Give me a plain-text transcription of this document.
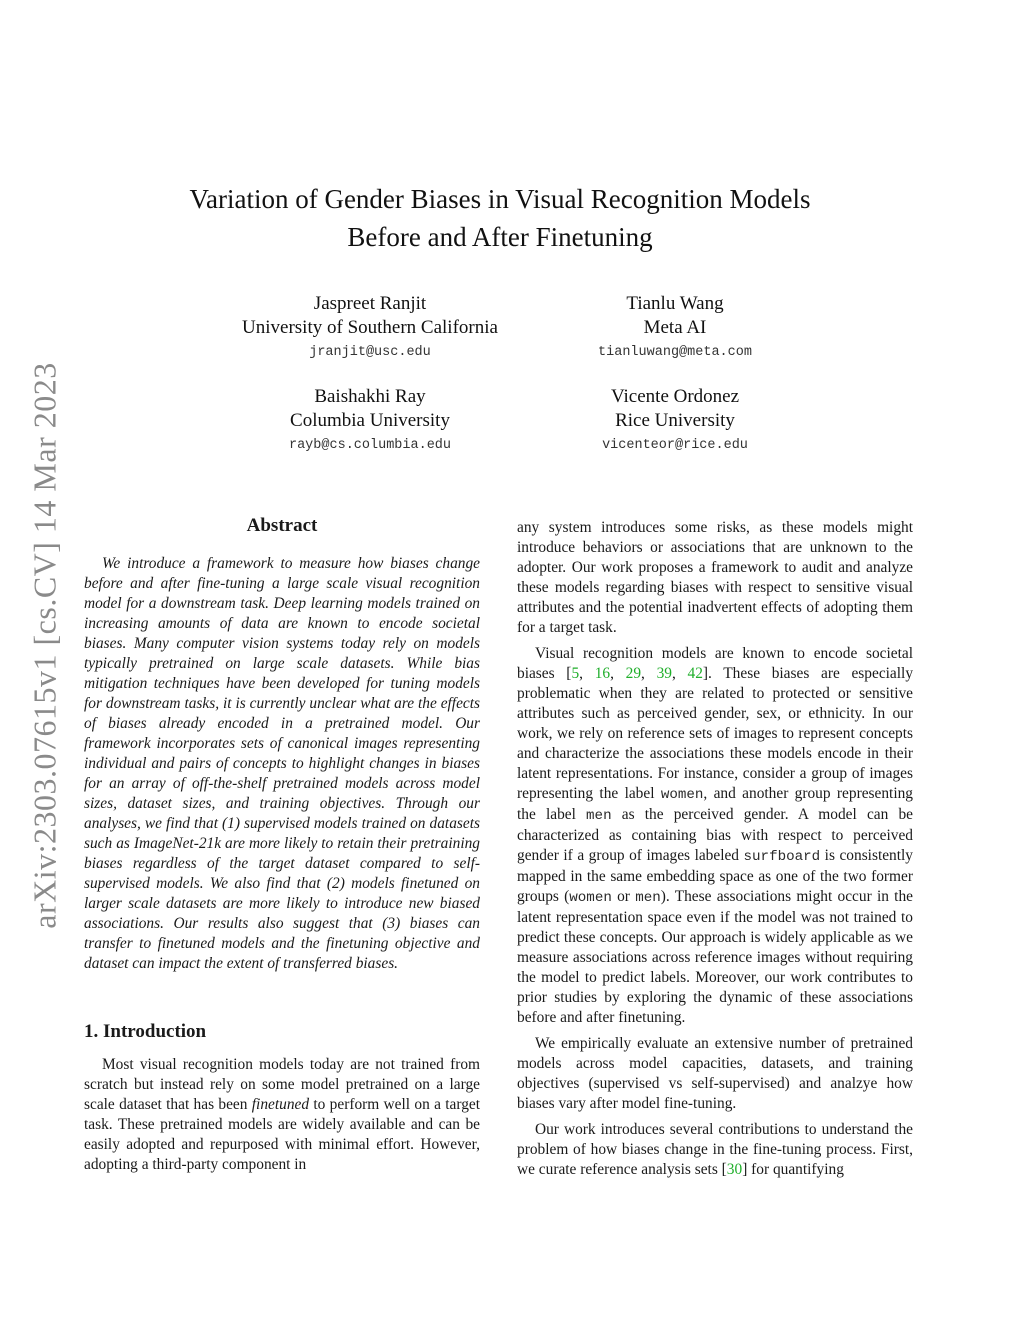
arXiv:2303.07615v1 [cs.CV] 14 Mar 2023
Variation of Gender Biases in Visual Recognition Models
Before and After Finetuning
Jaspreet Ranjit
University of Southern California
jranjit@usc.edu
Tianlu Wang
Meta AI
tianluwang@meta.com
Baishakhi Ray
Columbia University
rayb@cs.columbia.edu
Vicente Ordonez
Rice University
vicenteor@rice.edu
Abstract

We introduce a framework to measure how biases change before and after fine-tuning a large scale visual recognition model for a downstream task. Deep learning models trained on increasing amounts of data are known to encode societal biases. Many computer vision systems today rely on models typically pretrained on large scale datasets. While bias mitigation techniques have been developed for tuning models for downstream tasks, it is currently unclear what are the effects of biases already encoded in a pretrained model. Our framework incorporates sets of canonical images representing individual and pairs of concepts to highlight changes in biases for an array of off-the-shelf pretrained models across model sizes, dataset sizes, and training objectives. Through our analyses, we find that (1) supervised models trained on datasets such as ImageNet-21k are more likely to retain their pretraining biases regardless of the target dataset compared to self-supervised models. We also find that (2) models finetuned on larger scale datasets are more likely to introduce new biased associations. Our results also suggest that (3) biases can transfer to finetuned models and the finetuning objective and dataset can impact the extent of transferred biases.

1. Introduction

Most visual recognition models today are not trained from scratch but instead rely on some model pretrained on a large scale dataset that has been finetuned to perform well on a target task. These pretrained models are widely available and can be easily adopted and repurposed with minimal effort. However, adopting a third-party component in

any system introduces some risks, as these models might introduce behaviors or associations that are unknown to the adopter. Our work proposes a framework to audit and analyze these models regarding biases with respect to sensitive visual attributes and the potential inadvertent effects of adopting them for a target task.

Visual recognition models are known to encode societal biases [5, 16, 29, 39, 42]. These biases are especially problematic when they are related to protected or sensitive attributes such as perceived gender, sex, or ethnicity. In our work, we rely on reference sets of images to represent concepts and characterize the associations these models encode in their latent representations. For instance, consider a group of images representing the label women, and another group representing the label men as the perceived gender. A model can be characterized as containing bias with respect to perceived gender if a group of images labeled surfboard is consistently mapped in the same embedding space as one of the two former groups (women or men). These associations might occur in the latent representation space even if the model was not trained to predict these concepts. Our approach is widely applicable as we measure associations across reference images without requiring the model to predict labels. Moreover, our work contributes to prior studies by exploring the dynamic of these associations before and after finetuning.

We empirically evaluate an extensive number of pretrained models across model capacities, datasets, and training objectives (supervised vs self-supervised) and analzye how biases vary after model fine-tuning.

Our work introduces several contributions to understand the problem of how biases change in the fine-tuning process. First, we curate reference analysis sets [30] for quantifying
